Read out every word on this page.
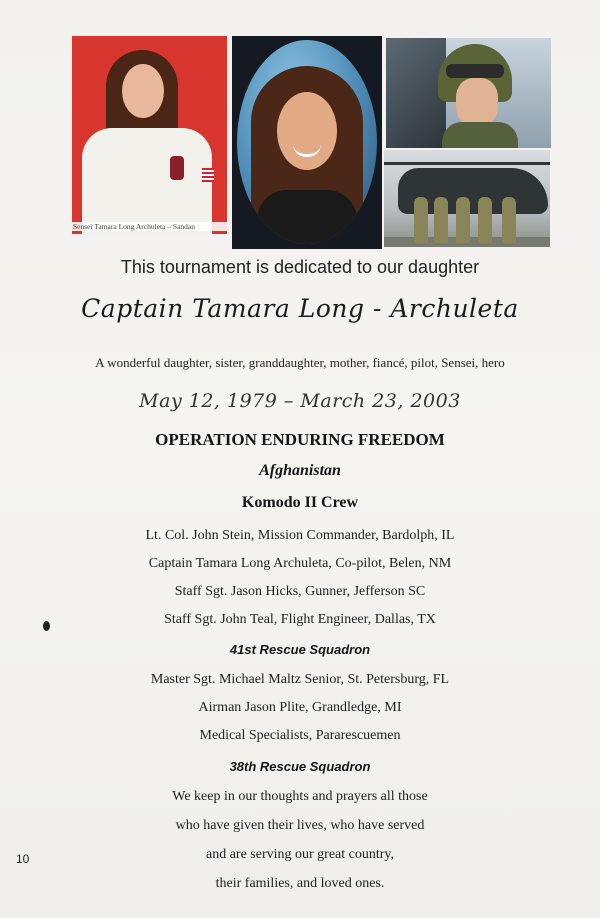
Sensei Tamara Long Archuleta – Sandan
This tournament is dedicated to our daughter
Captain Tamara Long - Archuleta
A wonderful daughter, sister, granddaughter, mother, fiancé, pilot, Sensei, hero
May 12, 1979 – March 23, 2003
OPERATION ENDURING FREEDOM
Afghanistan
Komodo II Crew
Lt. Col. John Stein, Mission Commander, Bardolph, IL
Captain Tamara Long Archuleta, Co-pilot, Belen, NM
Staff Sgt. Jason Hicks, Gunner, Jefferson SC
Staff Sgt. John Teal, Flight Engineer, Dallas, TX
41st Rescue Squadron
Master Sgt. Michael Maltz Senior, St. Petersburg, FL
Airman Jason Plite, Grandledge, MI
Medical Specialists, Pararescuemen
38th Rescue Squadron
We keep in our thoughts and prayers all those
who have given their lives, who have served
and are serving our great country,
their families, and loved ones.
10
